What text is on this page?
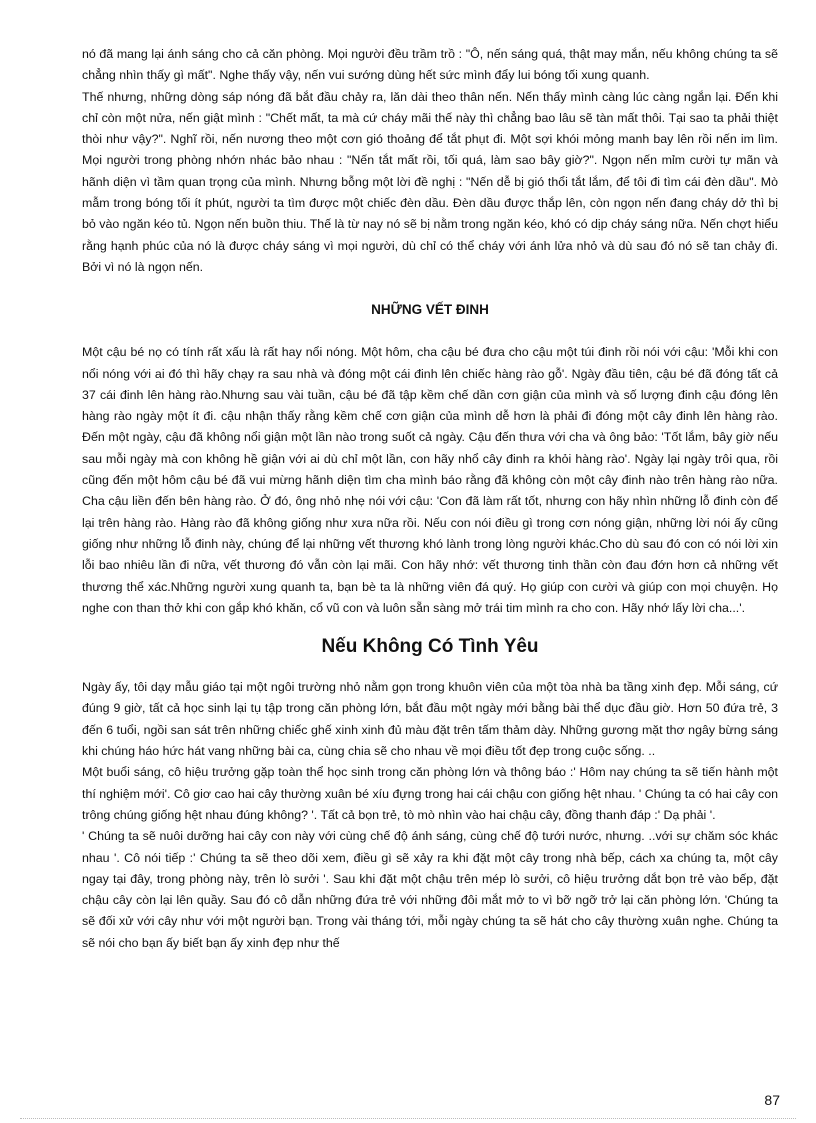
nó đã mang lại ánh sáng cho cả căn phòng. Mọi người đều trầm trồ : "Ô, nến sáng quá, thật may mắn, nếu không chúng ta sẽ chẳng nhìn thấy gì mất". Nghe thấy vậy, nến vui sướng dùng hết sức mình đẩy lui bóng tối xung quanh.

Thế nhưng, những dòng sáp nóng đã bắt đầu chảy ra, lăn dài theo thân nến. Nến thấy mình càng lúc càng ngắn lại. Đến khi chỉ còn một nửa, nến giật mình : "Chết mất, ta mà cứ cháy mãi thế này thì chẳng bao lâu sẽ tàn mất thôi. Tại sao ta phải thiệt thòi như vậy?". Nghĩ rồi, nến nương theo một cơn gió thoảng để tắt phụt đi. Một sợi khói mỏng manh bay lên rồi nến im lìm. Mọi người trong phòng nhớn nhác bảo nhau : "Nến tắt mất rồi, tối quá, làm sao bây giờ?". Ngọn nến mỉm cười tự mãn và hãnh diện vì tầm quan trọng của mình. Nhưng bỗng một lời đề nghị : "Nến dễ bị gió thổi tắt lắm, để tôi đi tìm cái đèn dầu". Mò mẫm trong bóng tối ít phút, người ta tìm được một chiếc đèn dầu. Đèn dầu được thắp lên, còn ngọn nến đang cháy dở thì bị bỏ vào ngăn kéo tủ. Ngọn nến buồn thiu. Thế là từ nay nó sẽ bị nằm trong ngăn kéo, khó có dịp cháy sáng nữa. Nến chợt hiểu rằng hạnh phúc của nó là được cháy sáng vì mọi người, dù chỉ có thể cháy với ánh lửa nhỏ và dù sau đó nó sẽ tan chảy đi. Bởi vì nó là ngọn nến.

NHỮNG VẾT ĐINH

Một cậu bé nọ có tính rất xấu là rất hay nổi nóng. Một hôm, cha cậu bé đưa cho cậu một túi đinh rồi nói với cậu: 'Mỗi khi con nổi nóng với ai đó thì hãy chạy ra sau nhà và đóng một cái đinh lên chiếc hàng rào gỗ'. Ngày đầu tiên, cậu bé đã đóng tất cả 37 cái đinh lên hàng rào.Nhưng sau vài tuần, cậu bé đã tập kềm chế dần cơn giận của mình và số lượng đinh cậu đóng lên hàng rào ngày một ít đi. cậu nhận thấy rằng kềm chế cơn giận của mình dễ hơn là phải đi đóng một cây đinh lên hàng rào. Đến một ngày, cậu đã không nổi giận một lần nào trong suốt cả ngày. Cậu đến thưa với cha và ông bảo: 'Tốt lắm, bây giờ nếu sau mỗi ngày mà con không hề giận với ai dù chỉ một lần, con hãy nhổ cây đinh ra khỏi hàng rào'. Ngày lại ngày trôi qua, rồi cũng đến một hôm cậu bé đã vui mừng hãnh diện tìm cha mình báo rằng đã không còn một cây đinh nào trên hàng rào nữa. Cha cậu liền đến bên hàng rào. Ở đó, ông nhỏ nhẹ nói với cậu: 'Con đã làm rất tốt, nhưng con hãy nhìn những lỗ đinh còn để lại trên hàng rào. Hàng rào đã không giống như xưa nữa rồi. Nếu con nói điều gì trong cơn nóng giận, những lời nói ấy cũng giống như những lỗ đinh này, chúng để lại những vết thương khó lành trong lòng người khác.Cho dù sau đó con có nói lời xin lỗi bao nhiêu lần đi nữa, vết thương đó vẫn còn lại mãi. Con hãy nhớ: vết thương tinh thần còn đau đớn hơn cả những vết thương thể xác.Những người xung quanh ta, bạn bè ta là những viên đá quý. Họ giúp con cười và giúp con mọi chuyện. Họ nghe con than thở khi con gắp khó khăn, cổ vũ con và luôn sẵn sàng mở trái tim mình ra cho con. Hãy nhớ lấy lời cha...'.

Nếu Không Có Tình Yêu

Ngày ấy, tôi dạy mẫu giáo tại một ngôi trường nhỏ nằm gọn trong khuôn viên của một tòa nhà ba tầng xinh đẹp. Mỗi sáng, cứ đúng 9 giờ, tất cả học sinh lại tụ tập trong căn phòng lớn, bắt đầu một ngày mới bằng bài thể dục đầu giờ. Hơn 50 đứa trẻ, 3 đến 6 tuổi, ngồi san sát trên những chiếc ghế xinh xinh đủ màu đặt trên tấm thảm dày. Những gương mặt thơ ngây bừng sáng khi chúng háo hức hát vang những bài ca, cùng chia sẽ cho nhau về mọi điều tốt đẹp trong cuộc sống. ..

Một buổi sáng, cô hiệu trưởng gặp toàn thể học sinh trong căn phòng lớn và thông báo :' Hôm nay chúng ta sẽ tiến hành một thí nghiệm mới'. Cô giơ cao hai cây thường xuân bé xíu đựng trong hai cái chậu con giống hệt nhau. ' Chúng ta có hai cây con trông chúng giống hệt nhau đúng không? '. Tất cả bọn trẻ, tò mò nhìn vào hai chậu cây, đồng thanh đáp :' Dạ phải '.

' Chúng ta sẽ nuôi dưỡng hai cây con này với cùng chế độ ánh sáng, cùng chế độ tưới nước, nhưng. ..với sự chăm sóc khác nhau '. Cô nói tiếp :' Chúng ta sẽ theo dõi xem, điều gì sẽ xảy ra khi đặt một cây trong nhà bếp, cách xa chúng ta, một cây ngay tại đây, trong phòng này, trên lò sưởi '. Sau khi đặt một chậu trên mép lò sưởi, cô hiệu trưởng dắt bọn trẻ vào bếp, đặt chậu cây còn lại lên quầy. Sau đó cô dẫn những đứa trẻ với những đôi mắt mở to vì bỡ ngỡ trở lại căn phòng lớn. 'Chúng ta sẽ đối xử với cây như với một người bạn. Trong vài tháng tới, mỗi ngày chúng ta sẽ hát cho cây thường xuân nghe. Chúng ta sẽ nói cho bạn ấy biết bạn ấy xinh đẹp như thế

87
